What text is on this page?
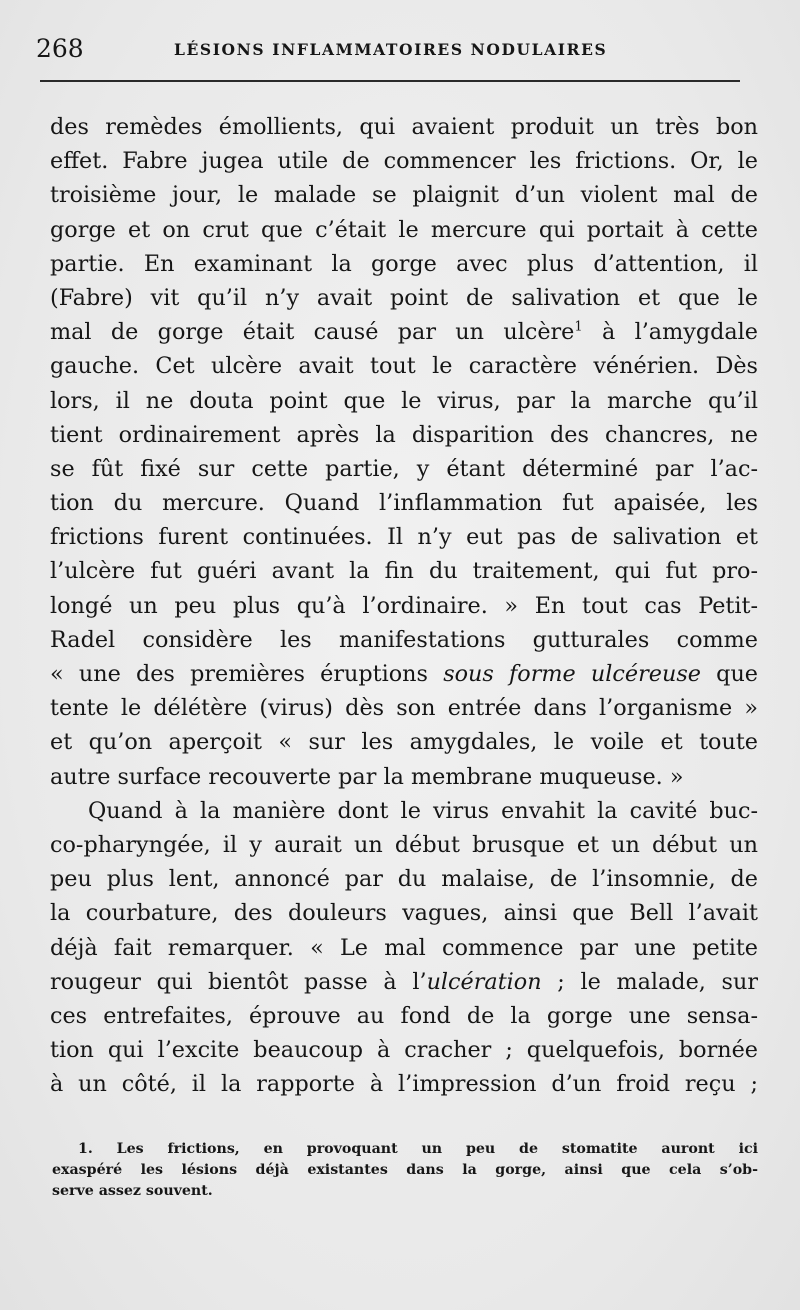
268	LÉSIONS INFLAMMATOIRES NODULAIRES
des remèdes émollients, qui avaient produit un très bon
effet. Fabre jugea utile de commencer les frictions. Or, le
troisième jour, le malade se plaignit d’un violent mal de
gorge et on crut que c’était le mercure qui portait à cette
partie. En examinant la gorge avec plus d’attention, il
(Fabre) vit qu’il n’y avait point de salivation et que le
mal de gorge était causé par un ulcère$^1$ à l’amygdale
gauche. Cet ulcère avait tout le caractère vénérien. Dès
lors, il ne douta point que le virus, par la marche qu’il
tient ordinairement après la disparition des chancres, ne
se fût fixé sur cette partie, y étant déterminé par l’ac-
tion du mercure. Quand l’inflammation fut apaisée, les
frictions furent continuées. Il n’y eut pas de salivation et
l’ulcère fut guéri avant la fin du traitement, qui fut pro-
longé un peu plus qu’à l’ordinaire. » En tout cas Petit-
Radel considère les manifestations gutturales comme
« une des premières éruptions sous forme ulcéreuse que
tente le délétère (virus) dès son entrée dans l’organisme »
et qu’on aperçoit « sur les amygdales, le voile et toute
autre surface recouverte par la membrane muqueuse. »
Quand à la manière dont le virus envahit la cavité buc-
co-pharyngée, il y aurait un début brusque et un début un
peu plus lent, annoncé par du malaise, de l’insomnie, de
la courbature, des douleurs vagues, ainsi que Bell l’avait
déjà fait remarquer. « Le mal commence par une petite
rougeur qui bientôt passe à l’ulcération ; le malade, sur
ces entrefaites, éprouve au fond de la gorge une sensa-
tion qui l’excite beaucoup à cracher ; quelquefois, bornée
à un côté, il la rapporte à l’impression d’un froid reçu ;
1. Les frictions, en provoquant un peu de stomatite auront ici
exaspéré les lésions déjà existantes dans la gorge, ainsi que cela s’ob-
serve assez souvent.
